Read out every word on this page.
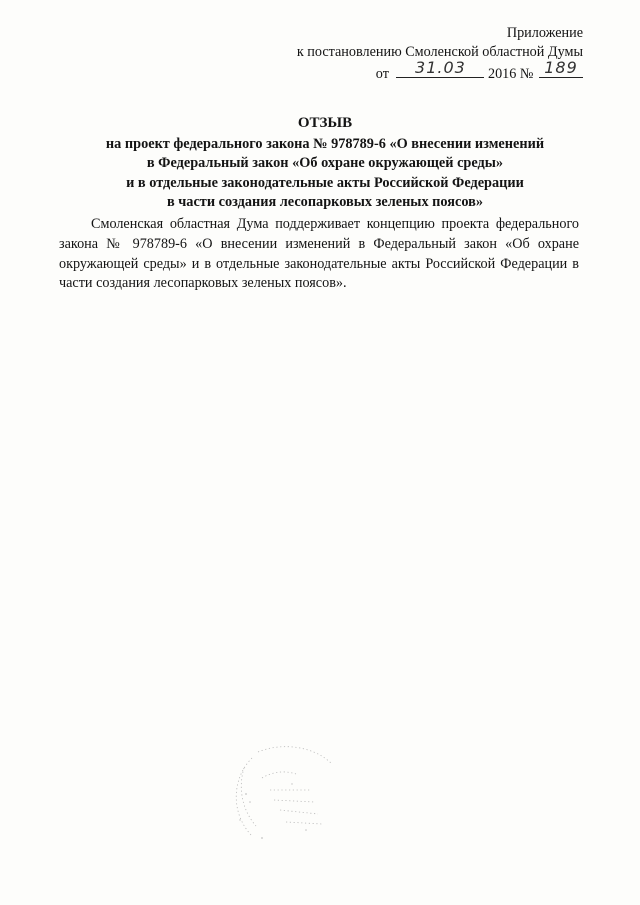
Приложение
к постановлению Смоленской областной Думы
от	31.03	2016 № 189
ОТЗЫВ
на проект федерального закона № 978789-6 «О внесении изменений
в Федеральный закон «Об охране окружающей среды»
и в отдельные законодательные акты Российской Федерации
в части создания лесопарковых зеленых поясов»

Смоленская областная Дума поддерживает концепцию проекта федерального закона № 978789-6 «О внесении изменений в Федеральный закон «Об охране окружающей среды» и в отдельные законодательные акты Российской Федерации в части создания лесопарковых зеленых поясов».
